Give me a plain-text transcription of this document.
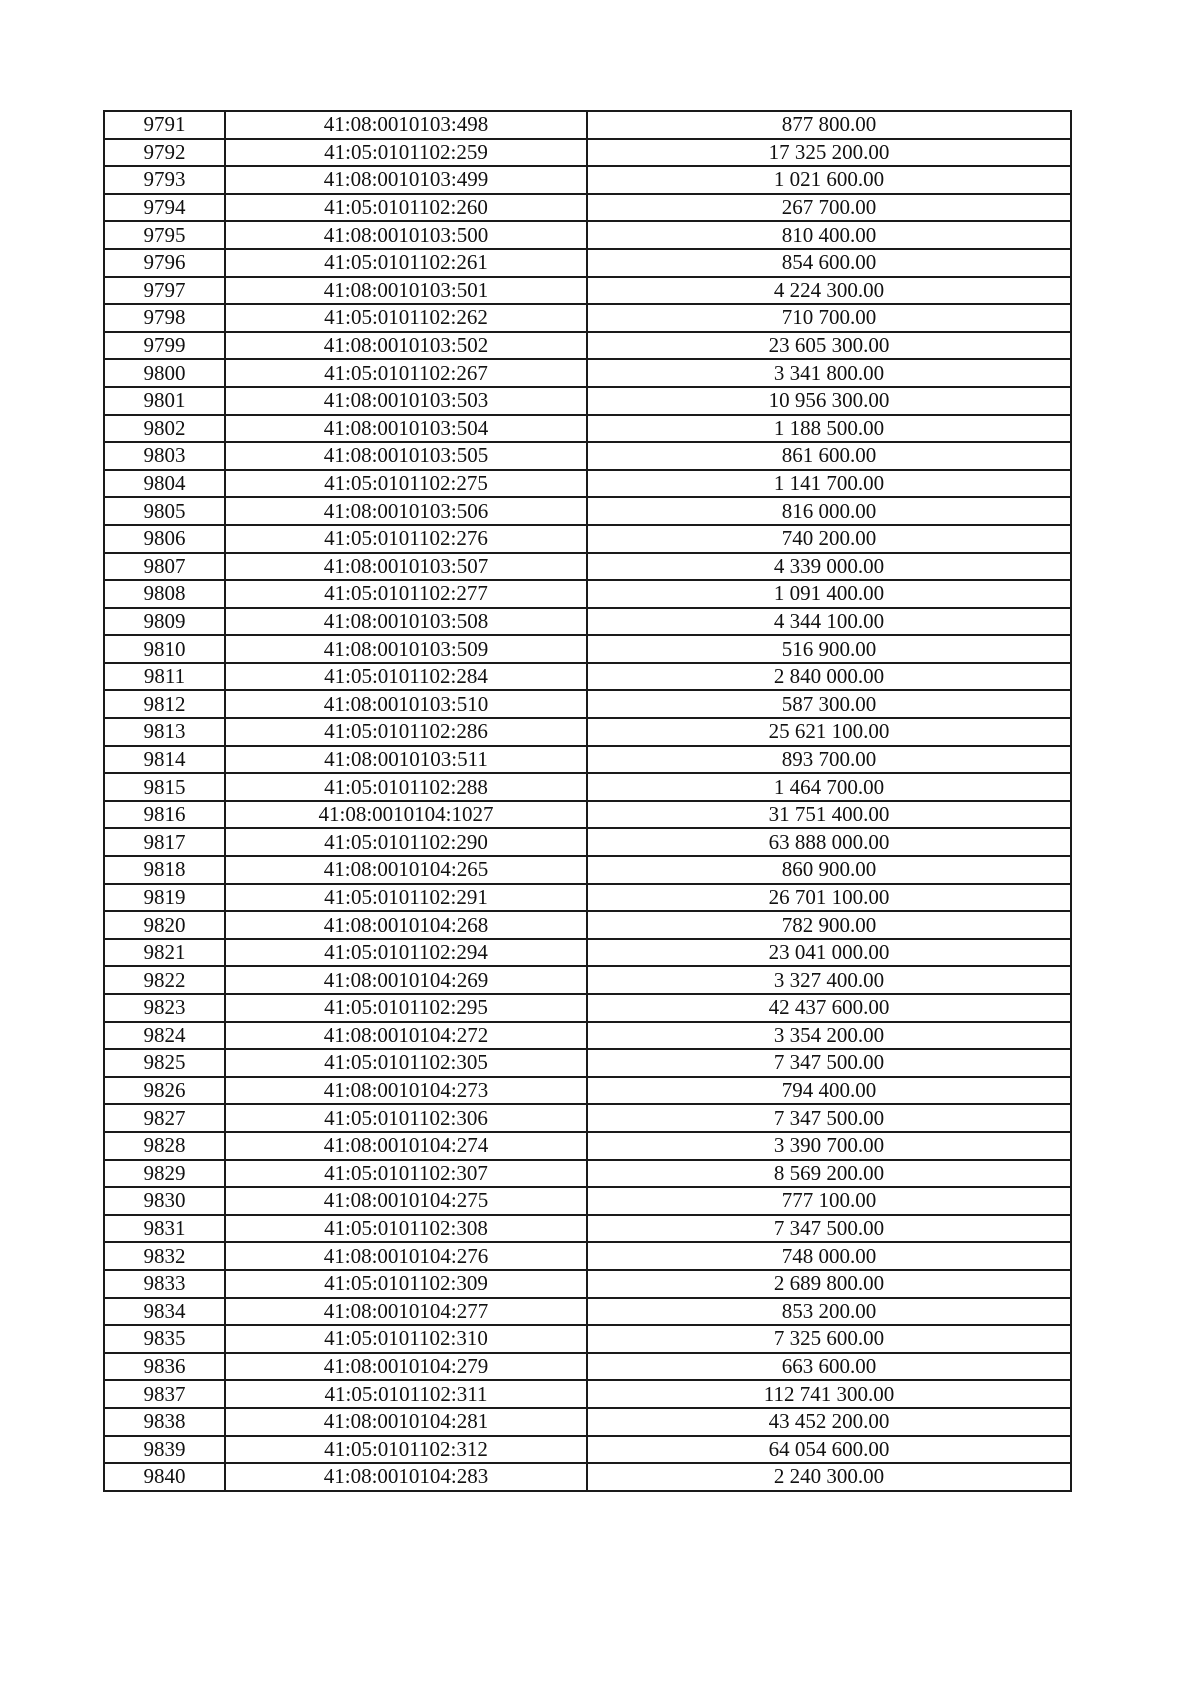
9791	41:08:0010103:498	877 800.00
9792	41:05:0101102:259	17 325 200.00
9793	41:08:0010103:499	1 021 600.00
9794	41:05:0101102:260	267 700.00
9795	41:08:0010103:500	810 400.00
9796	41:05:0101102:261	854 600.00
9797	41:08:0010103:501	4 224 300.00
9798	41:05:0101102:262	710 700.00
9799	41:08:0010103:502	23 605 300.00
9800	41:05:0101102:267	3 341 800.00
9801	41:08:0010103:503	10 956 300.00
9802	41:08:0010103:504	1 188 500.00
9803	41:08:0010103:505	861 600.00
9804	41:05:0101102:275	1 141 700.00
9805	41:08:0010103:506	816 000.00
9806	41:05:0101102:276	740 200.00
9807	41:08:0010103:507	4 339 000.00
9808	41:05:0101102:277	1 091 400.00
9809	41:08:0010103:508	4 344 100.00
9810	41:08:0010103:509	516 900.00
9811	41:05:0101102:284	2 840 000.00
9812	41:08:0010103:510	587 300.00
9813	41:05:0101102:286	25 621 100.00
9814	41:08:0010103:511	893 700.00
9815	41:05:0101102:288	1 464 700.00
9816	41:08:0010104:1027	31 751 400.00
9817	41:05:0101102:290	63 888 000.00
9818	41:08:0010104:265	860 900.00
9819	41:05:0101102:291	26 701 100.00
9820	41:08:0010104:268	782 900.00
9821	41:05:0101102:294	23 041 000.00
9822	41:08:0010104:269	3 327 400.00
9823	41:05:0101102:295	42 437 600.00
9824	41:08:0010104:272	3 354 200.00
9825	41:05:0101102:305	7 347 500.00
9826	41:08:0010104:273	794 400.00
9827	41:05:0101102:306	7 347 500.00
9828	41:08:0010104:274	3 390 700.00
9829	41:05:0101102:307	8 569 200.00
9830	41:08:0010104:275	777 100.00
9831	41:05:0101102:308	7 347 500.00
9832	41:08:0010104:276	748 000.00
9833	41:05:0101102:309	2 689 800.00
9834	41:08:0010104:277	853 200.00
9835	41:05:0101102:310	7 325 600.00
9836	41:08:0010104:279	663 600.00
9837	41:05:0101102:311	112 741 300.00
9838	41:08:0010104:281	43 452 200.00
9839	41:05:0101102:312	64 054 600.00
9840	41:08:0010104:283	2 240 300.00
